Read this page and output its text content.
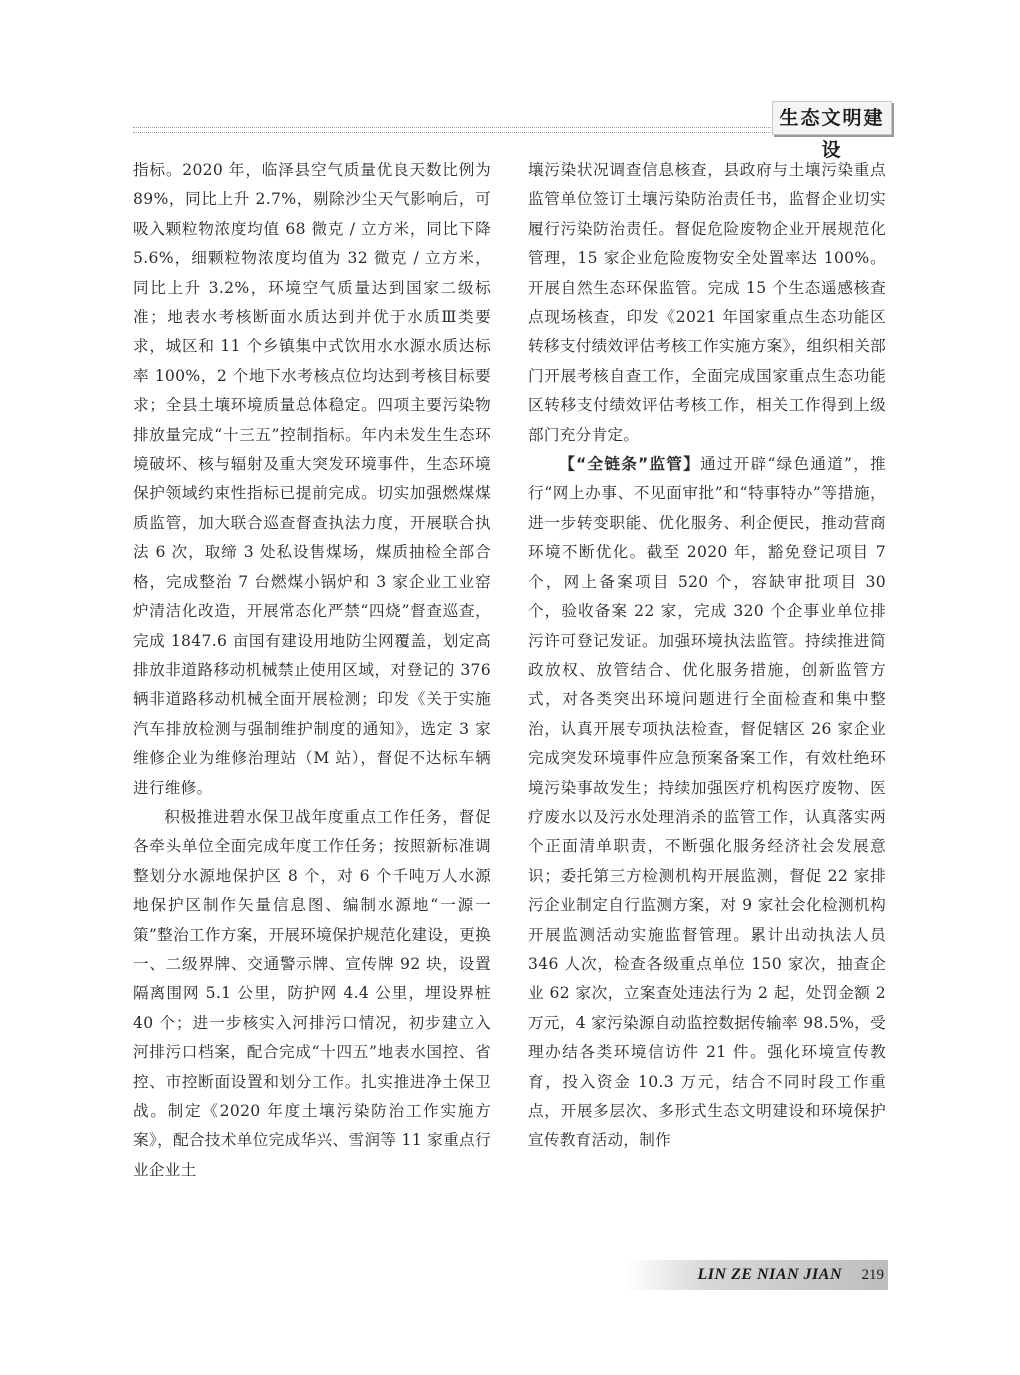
生态文明建设

指标。2020 年，临泽县空气质量优良天数比例为 89%，同比上升 2.7%，剔除沙尘天气影响后，可吸入颗粒物浓度均值 68 微克 / 立方米，同比下降 5.6%，细颗粒物浓度均值为 32 微克 / 立方米，同比上升 3.2%，环境空气质量达到国家二级标准；地表水考核断面水质达到并优于水质Ⅲ类要求，城区和 11 个乡镇集中式饮用水水源水质达标率 100%，2 个地下水考核点位均达到考核目标要求；全县土壤环境质量总体稳定。四项主要污染物排放量完成“十三五”控制指标。年内未发生生态环境破坏、核与辐射及重大突发环境事件，生态环境保护领域约束性指标已提前完成。切实加强燃煤煤质监管，加大联合巡查督查执法力度，开展联合执法 6 次，取缔 3 处私设售煤场，煤质抽检全部合格，完成整治 7 台燃煤小锅炉和 3 家企业工业窑炉清洁化改造，开展常态化严禁“四烧”督查巡查，完成 1847.6 亩国有建设用地防尘网覆盖，划定高排放非道路移动机械禁止使用区域，对登记的 376 辆非道路移动机械全面开展检测；印发《关于实施汽车排放检测与强制维护制度的通知》，选定 3 家维修企业为维修治理站（M 站），督促不达标车辆进行维修。

积极推进碧水保卫战年度重点工作任务，督促各牵头单位全面完成年度工作任务；按照新标准调整划分水源地保护区 8 个，对 6 个千吨万人水源地保护区制作矢量信息图、编制水源地“一源一策”整治工作方案，开展环境保护规范化建设，更换一、二级界牌、交通警示牌、宣传牌 92 块，设置隔离围网 5.1 公里，防护网 4.4 公里，埋设界桩 40 个；进一步核实入河排污口情况，初步建立入河排污口档案，配合完成“十四五”地表水国控、省控、市控断面设置和划分工作。扎实推进净土保卫战。制定《2020 年度土壤污染防治工作实施方案》，配合技术单位完成华兴、雪润等 11 家重点行业企业土

壤污染状况调查信息核查，县政府与土壤污染重点监管单位签订土壤污染防治责任书，监督企业切实履行污染防治责任。督促危险废物企业开展规范化管理，15 家企业危险废物安全处置率达 100%。开展自然生态环保监管。完成 15 个生态遥感核查点现场核查，印发《2021 年国家重点生态功能区转移支付绩效评估考核工作实施方案》，组织相关部门开展考核自查工作，全面完成国家重点生态功能区转移支付绩效评估考核工作，相关工作得到上级部门充分肯定。

【“全链条”监管】通过开辟“绿色通道”，推行“网上办事、不见面审批”和“特事特办”等措施，进一步转变职能、优化服务、利企便民，推动营商环境不断优化。截至 2020 年，豁免登记项目 7 个，网上备案项目 520 个，容缺审批项目 30 个，验收备案 22 家，完成 320 个企事业单位排污许可登记发证。加强环境执法监管。持续推进简政放权、放管结合、优化服务措施，创新监管方式，对各类突出环境问题进行全面检查和集中整治，认真开展专项执法检查，督促辖区 26 家企业完成突发环境事件应急预案备案工作，有效杜绝环境污染事故发生；持续加强医疗机构医疗废物、医疗废水以及污水处理消杀的监管工作，认真落实两个正面清单职责，不断强化服务经济社会发展意识；委托第三方检测机构开展监测，督促 22 家排污企业制定自行监测方案，对 9 家社会化检测机构开展监测活动实施监督管理。累计出动执法人员 346 人次，检查各级重点单位 150 家次，抽查企业 62 家次，立案查处违法行为 2 起，处罚金额 2 万元，4 家污染源自动监控数据传输率 98.5%，受理办结各类环境信访件 21 件。强化环境宣传教育，投入资金 10.3 万元，结合不同时段工作重点，开展多层次、多形式生态文明建设和环境保护宣传教育活动，制作

LIN ZE NIAN JIAN 219
